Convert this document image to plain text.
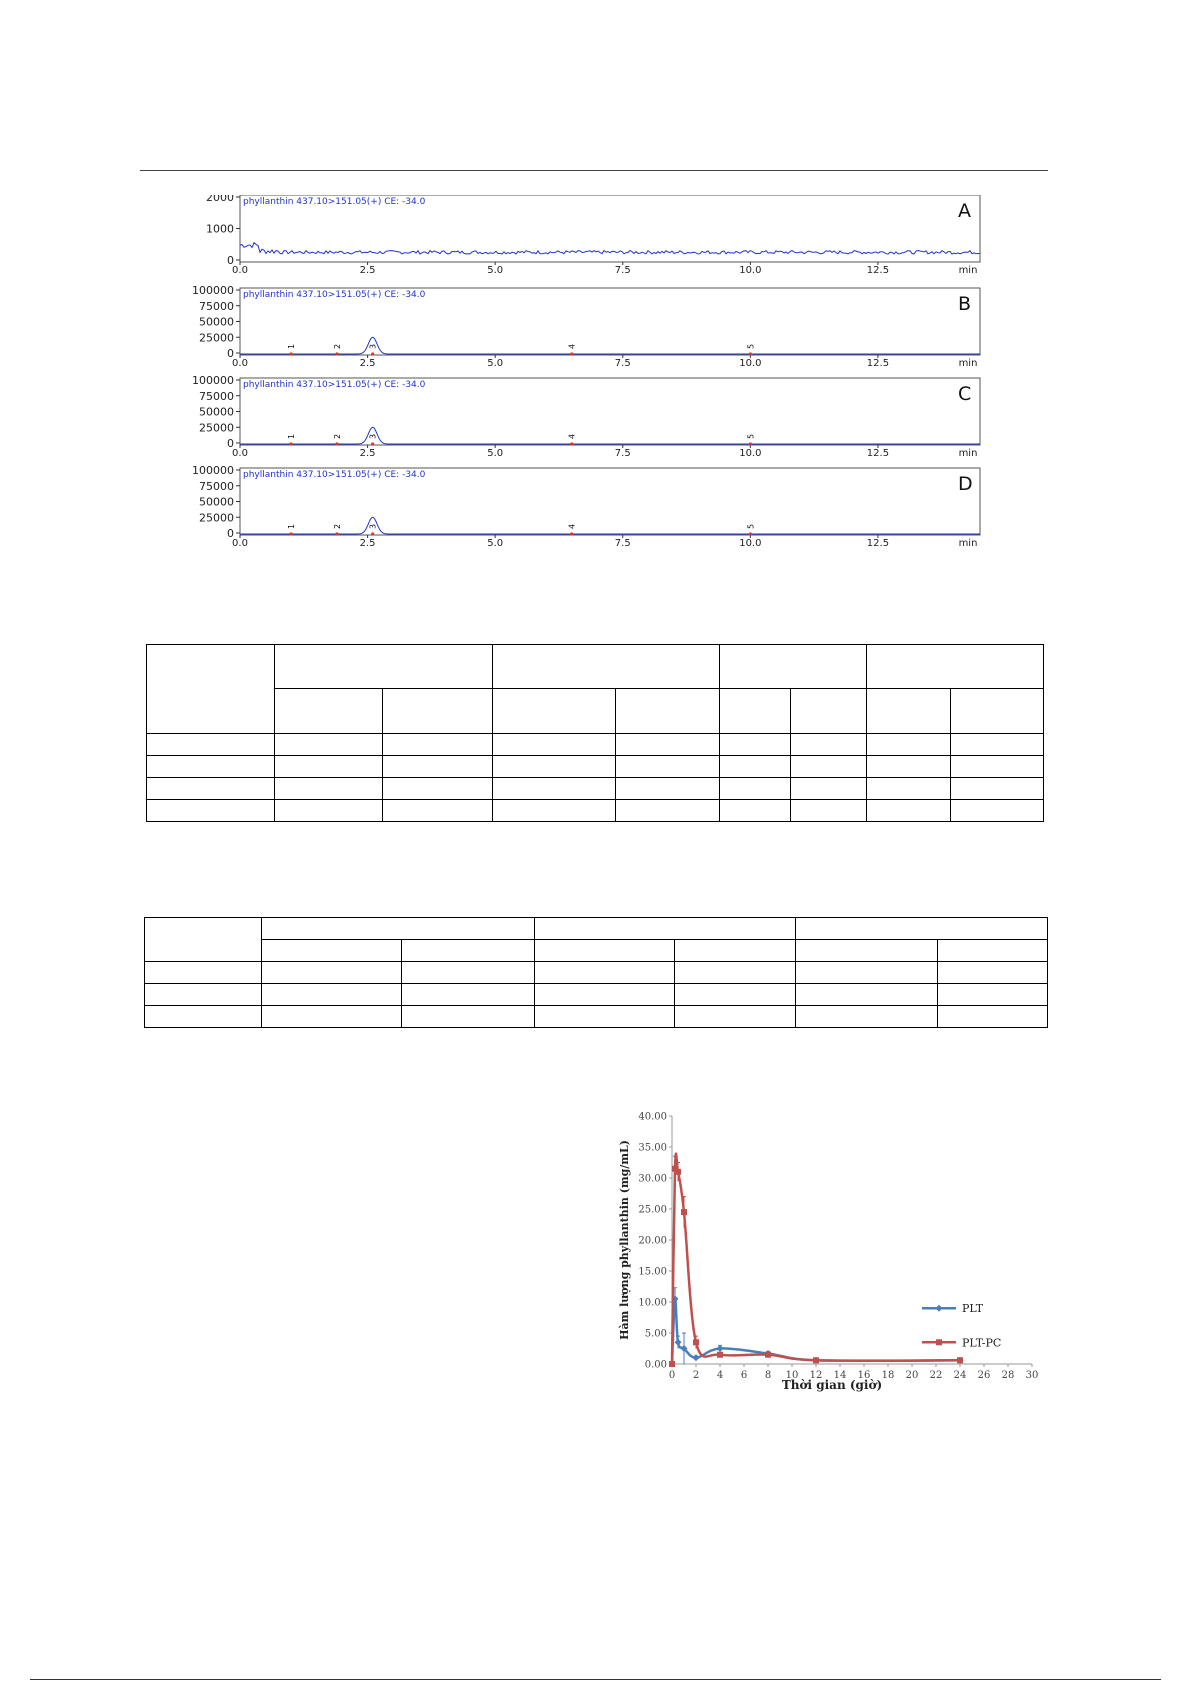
2000
1000
0
phyllanthin 437.10>151.05(+) CE: -34.0	A
0.0	2.5	5.0	7.5	10.0	12.5	min
100000
75000
50000
25000
0
phyllanthin 437.10>151.05(+) CE: -34.0	B
1	2	3	4	5
0.0	2.5	5.0	7.5	10.0	12.5	min
100000
75000
50000
25000
0
phyllanthin 437.10>151.05(+) CE: -34.0	C
1	2	3	4	5
0.0	2.5	5.0	7.5	10.0	12.5	min
100000
75000
50000
25000
0
phyllanthin 437.10>151.05(+) CE: -34.0	D
1	2	3	4	5
0.0	2.5	5.0	7.5	10.0	12.5	min

0.00
5.00
10.00
15.00
20.00
25.00
30.00
35.00
40.00
0 2 4 6 8 10 12 14 16 18 20 22 24 26 28 30
Thời gian (giờ)
Hàm lượng phyllanthin (mg/mL)	PLT
PLT-PC
